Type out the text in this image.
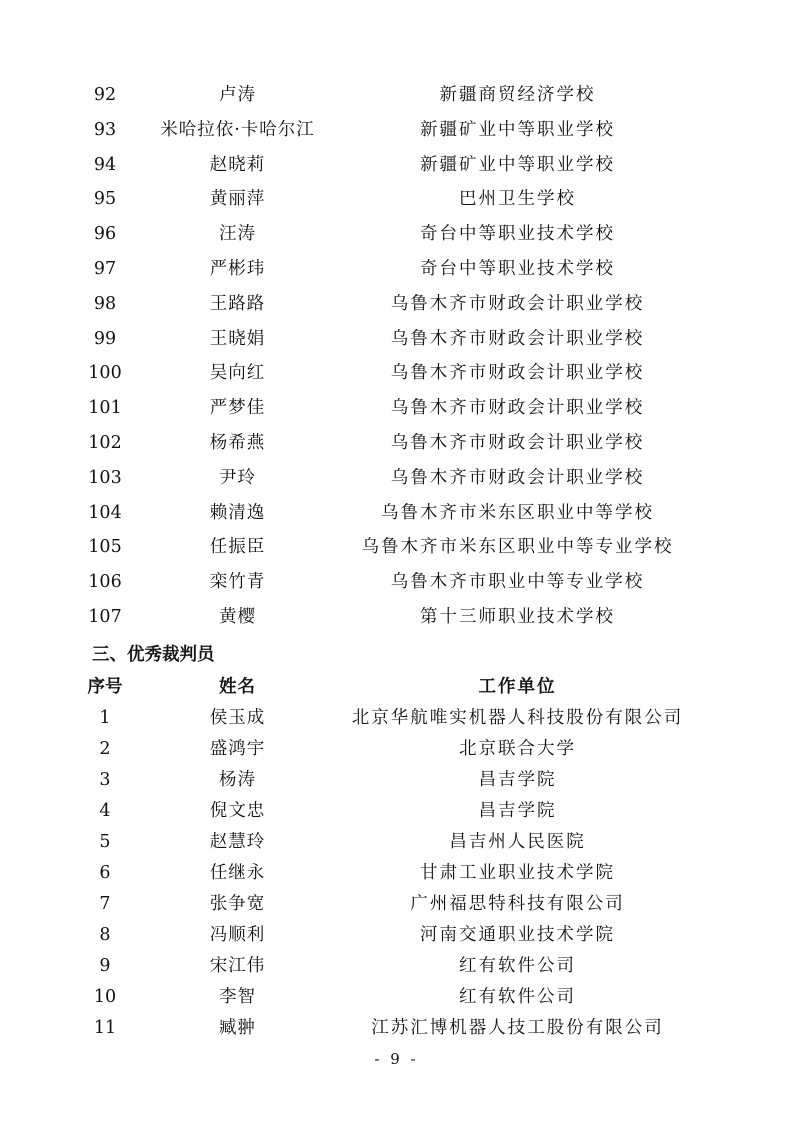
92	卢涛	新疆商贸经济学校
93	米哈拉依·卡哈尔江	新疆矿业中等职业学校
94	赵晓莉	新疆矿业中等职业学校
95	黄丽萍	巴州卫生学校
96	汪涛	奇台中等职业技术学校
97	严彬玮	奇台中等职业技术学校
98	王路路	乌鲁木齐市财政会计职业学校
99	王晓娟	乌鲁木齐市财政会计职业学校
100	吴向红	乌鲁木齐市财政会计职业学校
101	严梦佳	乌鲁木齐市财政会计职业学校
102	杨希燕	乌鲁木齐市财政会计职业学校
103	尹玲	乌鲁木齐市财政会计职业学校
104	赖清逸	乌鲁木齐市米东区职业中等学校
105	任振臣	乌鲁木齐市米东区职业中等专业学校
106	栾竹青	乌鲁木齐市职业中等专业学校
107	黄樱	第十三师职业技术学校
三、优秀裁判员
序号	姓名	工作单位
1	侯玉成	北京华航唯实机器人科技股份有限公司
2	盛鸿宇	北京联合大学
3	杨涛	昌吉学院
4	倪文忠	昌吉学院
5	赵慧玲	昌吉州人民医院
6	任继永	甘肃工业职业技术学院
7	张争宽	广州福思特科技有限公司
8	冯顺利	河南交通职业技术学院
9	宋江伟	红有软件公司
10	李智	红有软件公司
11	臧翀	江苏汇博机器人技工股份有限公司
- 9 -
